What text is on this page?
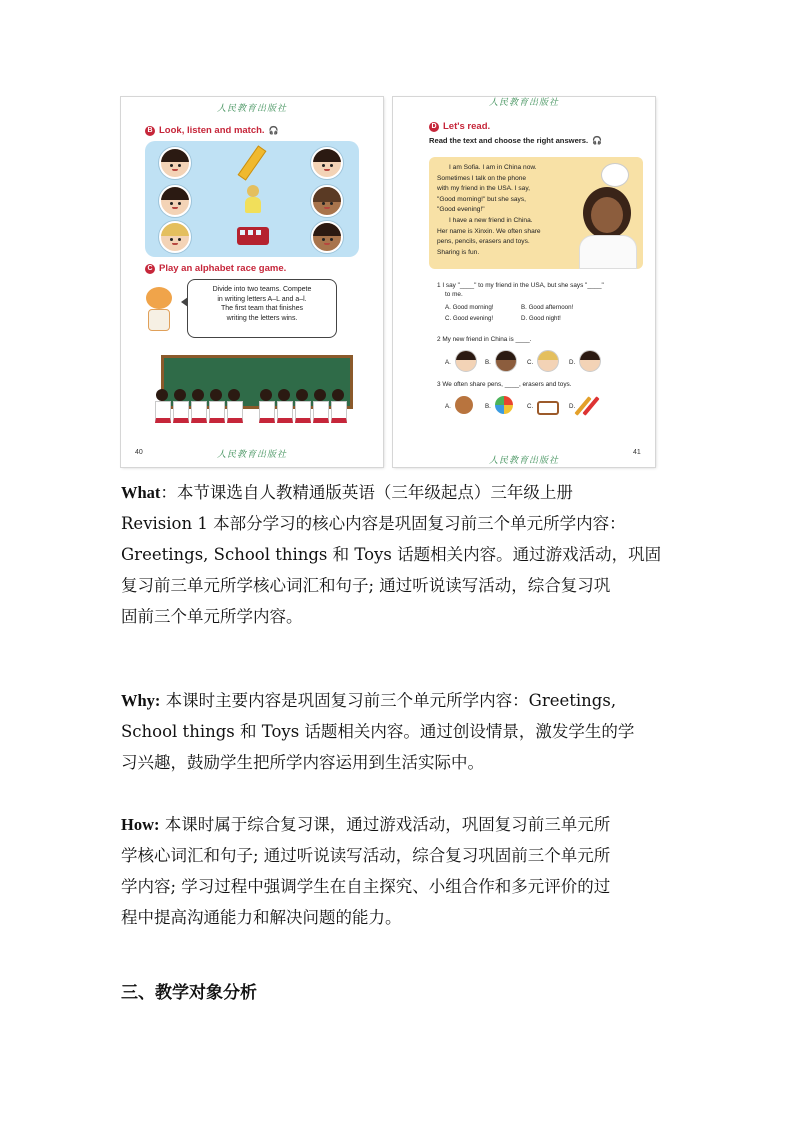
人民教育出版社
B Look, listen and match. 🎧
C Play an alphabet race game.
Divide into two teams. Compete
in writing letters A–L and a–l.
The first team that finishes
writing the letters wins.
人民教育出版社
40
人民教育出版社
D Let's read.
Read the text and choose the right answers. 🎧
I am Sofia. I am in China now.
Sometimes I talk on the phone
with my friend in the USA. I say,
"Good morning!" but she says,
"Good evening!"
I have a new friend in China.
Her name is Xinxin. We often share
pens, pencils, erasers and toys.
Sharing is fun.
1 I say "____" to my friend in the USA, but she says "____"
to me.
A. Good morning!	B. Good afternoon!
C. Good evening!	D. Good night!
2 My new friend in China is ____.
A.	B.	C.	D.
3 We often share pens, ____, erasers and toys.
A.	B.	C.	D.
人民教育出版社
41
What：本节课选自人教精通版英语（三年级起点）三年级上册
Revision 1 本部分学习的核心内容是巩固复习前三个单元所学内容：
Greetings, School things 和 Toys 话题相关内容。通过游戏活动，巩固
复习前三单元所学核心词汇和句子; 通过听说读写活动，综合复习巩
固前三个单元所学内容。
Why: 本课时主要内容是巩固复习前三个单元所学内容：Greetings,
School things 和 Toys 话题相关内容。通过创设情景，激发学生的学
习兴趣，鼓励学生把所学内容运用到生活实际中。
How: 本课时属于综合复习课，通过游戏活动，巩固复习前三单元所
学核心词汇和句子; 通过听说读写活动，综合复习巩固前三个单元所
学内容; 学习过程中强调学生在自主探究、小组合作和多元评价的过
程中提高沟通能力和解决问题的能力。
三、教学对象分析
